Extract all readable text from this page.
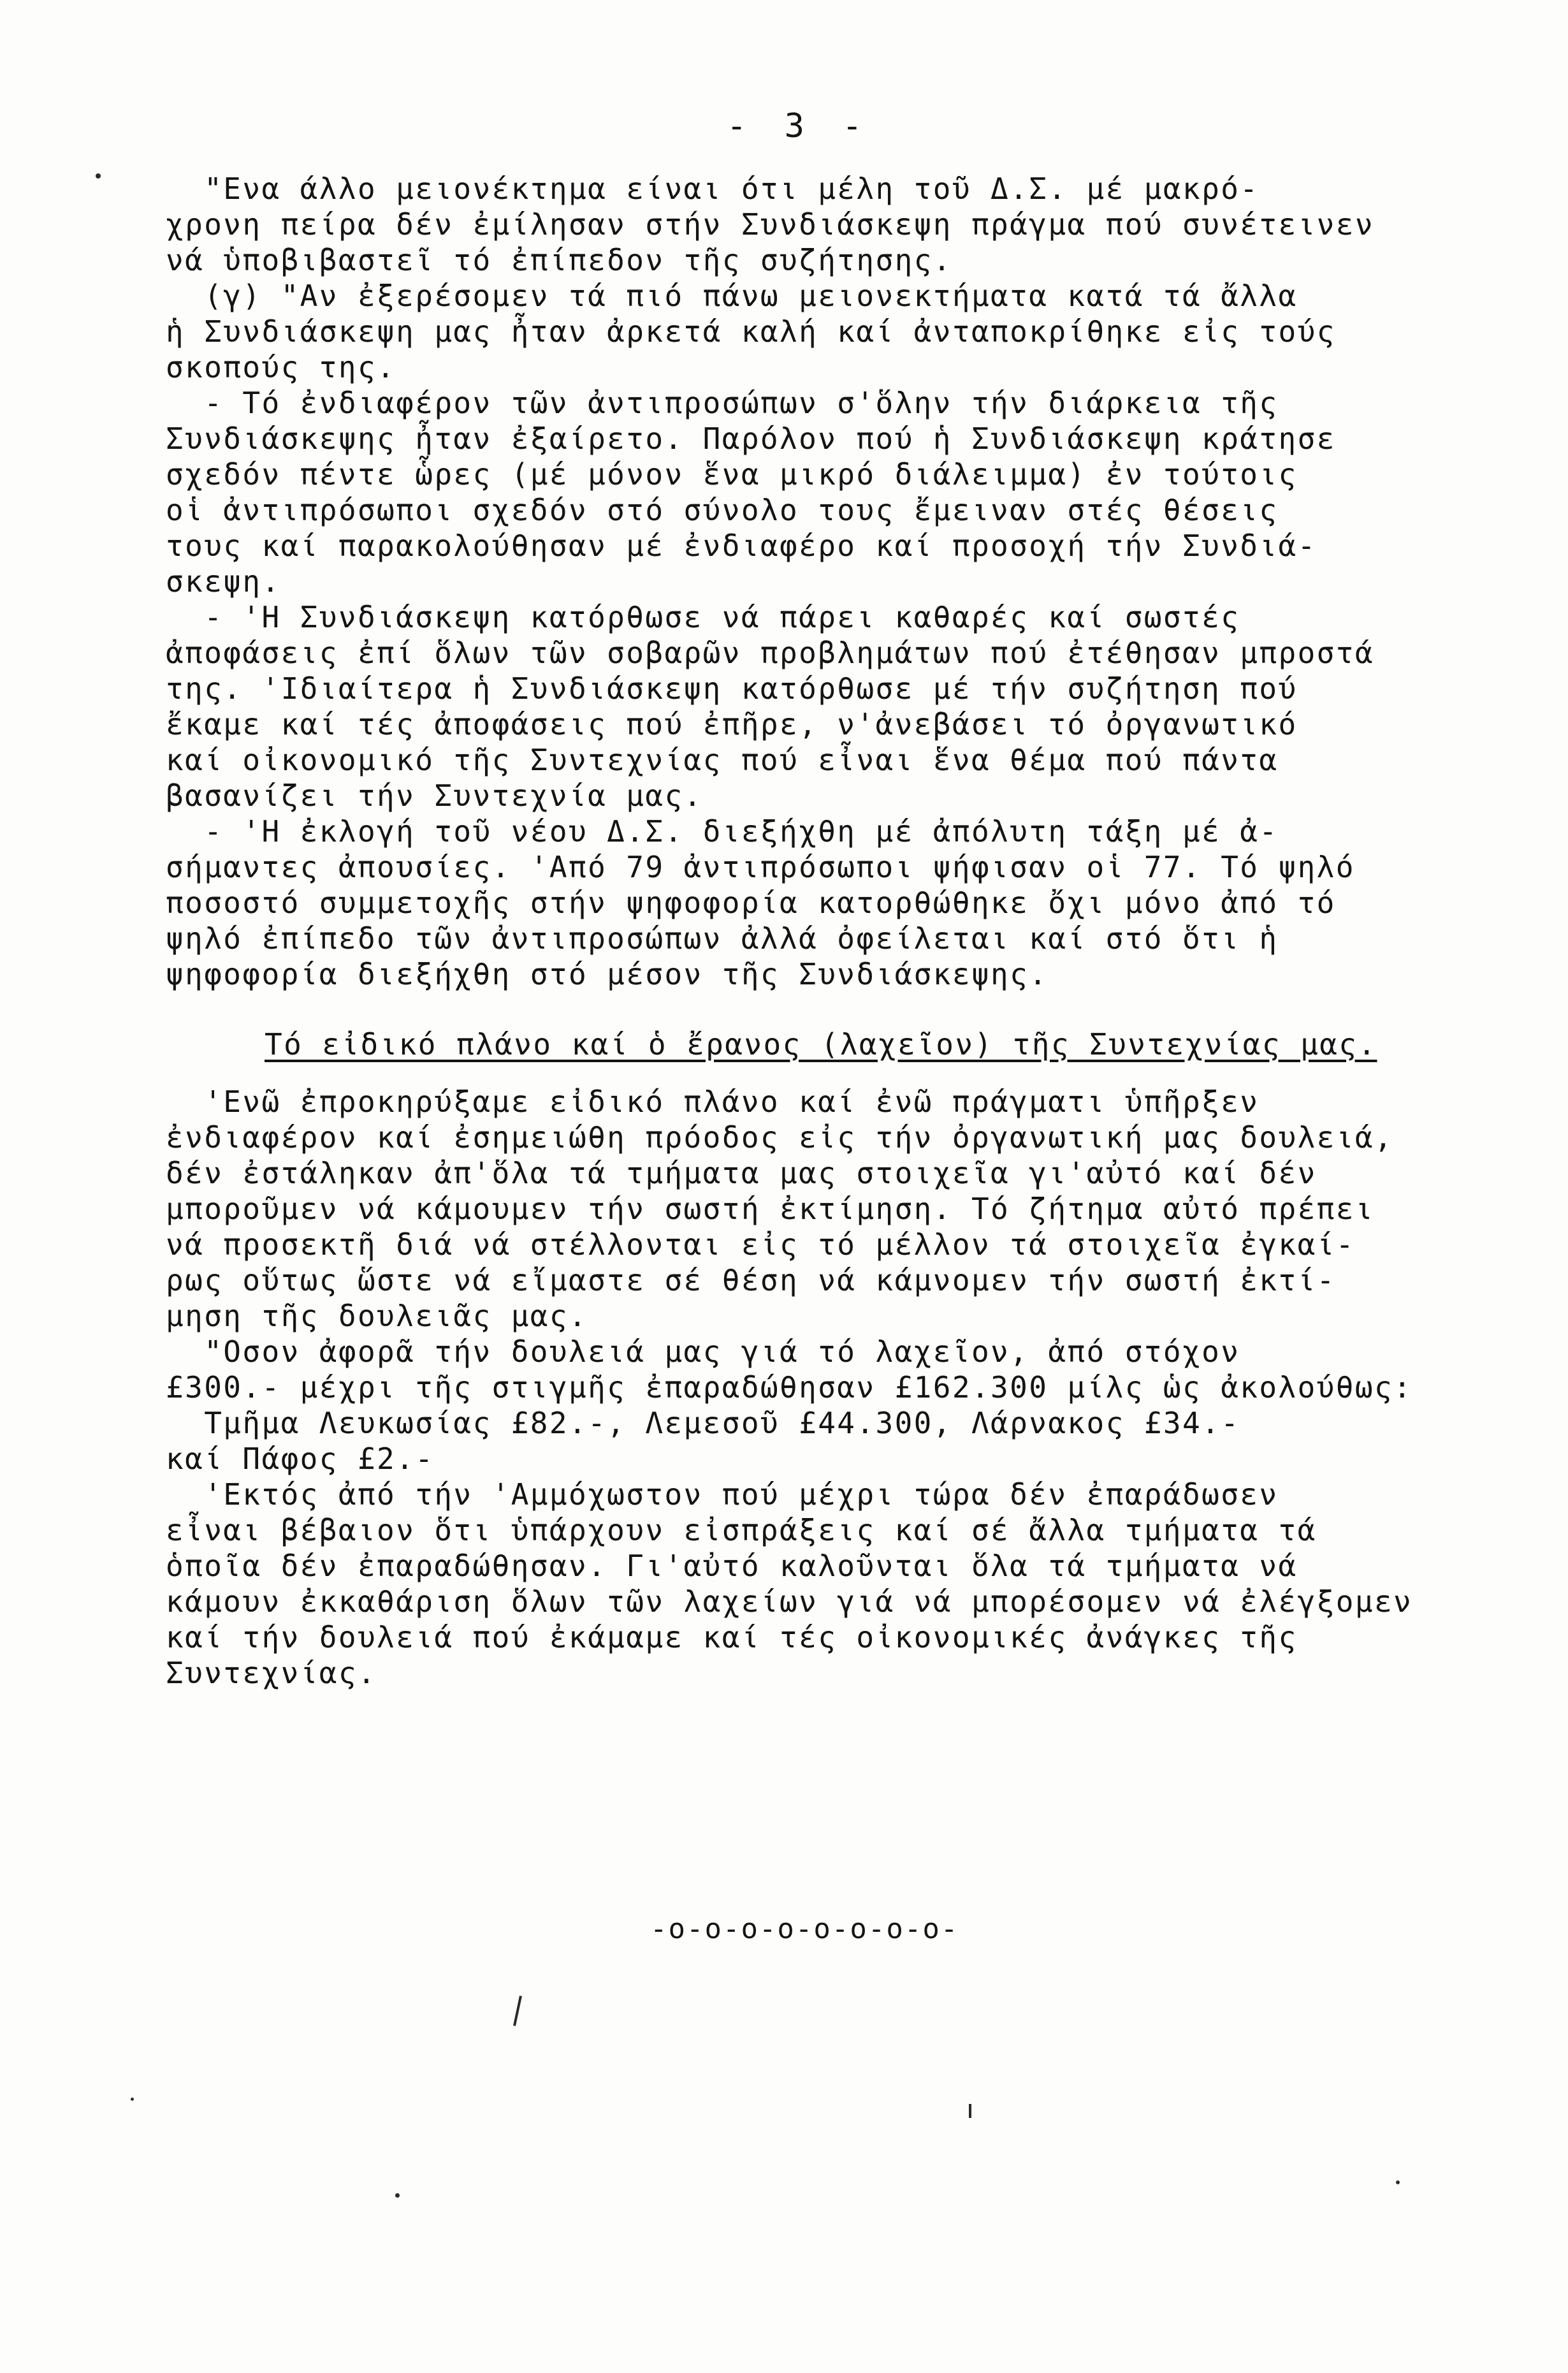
- 3 -
"Ενα άλλο μειονέκτημα είναι ότι μέλη τοῦ Δ.Σ. μέ μακρό-
χρονη πείρα δέν ἐμίλησαν στήν Συνδιάσκεψη πράγμα πού συνέτεινεν
νά ὑποβιβαστεῖ τό ἐπίπεδον τῆς συζήτησης.
(γ) "Αν ἐξερέσομεν τά πιό πάνω μειονεκτήματα κατά τά ἄλλα
ἡ Συνδιάσκεψη μας ἦταν ἀρκετά καλή καί ἀνταποκρίθηκε εἰς τούς
σκοπούς της.
- Τό ἐνδιαφέρον τῶν ἀντιπροσώπων σ'ὅλην τήν διάρκεια τῆς
Συνδιάσκεψης ἦταν ἐξαίρετο. Παρόλον πού ἡ Συνδιάσκεψη κράτησε
σχεδόν πέντε ὧρες (μέ μόνον ἕνα μικρό διάλειμμα) ἐν τούτοις
οἱ ἀντιπρόσωποι σχεδόν στό σύνολο τους ἔμειναν στές θέσεις
τους καί παρακολούθησαν μέ ἐνδιαφέρο καί προσοχή τήν Συνδιά-
σκεψη.
- 'Η Συνδιάσκεψη κατόρθωσε νά πάρει καθαρές καί σωστές
ἀποφάσεις ἐπί ὅλων τῶν σοβαρῶν προβλημάτων πού ἐτέθησαν μπροστά
της. 'Ιδιαίτερα ἡ Συνδιάσκεψη κατόρθωσε μέ τήν συζήτηση πού
ἔκαμε καί τές ἀποφάσεις πού ἐπῆρε, ν'ἀνεβάσει τό ὀργανωτικό
καί οἰκονομικό τῆς Συντεχνίας πού εἶναι ἕνα θέμα πού πάντα
βασανίζει τήν Συντεχνία μας.
- 'Η ἐκλογή τοῦ νέου Δ.Σ. διεξήχθη μέ ἀπόλυτη τάξη μέ ἀ-
σήμαντες ἀπουσίες. 'Από 79 ἀντιπρόσωποι ψήφισαν οἱ 77. Τό ψηλό
ποσοστό συμμετοχῆς στήν ψηφοφορία κατορθώθηκε ὄχι μόνο ἀπό τό
ψηλό ἐπίπεδο τῶν ἀντιπροσώπων ἀλλά ὀφείλεται καί στό ὅτι ἡ
ψηφοφορία διεξήχθη στό μέσον τῆς Συνδιάσκεψης.
Τό εἰδικό πλάνο καί ὁ ἔρανος (λαχεῖον) τῆς Συντεχνίας μας.
'Ενῶ ἐπροκηρύξαμε εἰδικό πλάνο καί ἐνῶ πράγματι ὑπῆρξεν
ἐνδιαφέρον καί ἐσημειώθη πρόοδος εἰς τήν ὀργανωτική μας δουλειά,
δέν ἐστάληκαν ἀπ'ὅλα τά τμήματα μας στοιχεῖα γι'αὐτό καί δέν
μποροῦμεν νά κάμουμεν τήν σωστή ἐκτίμηση. Τό ζήτημα αὐτό πρέπει
νά προσεκτῆ διά νά στέλλονται εἰς τό μέλλον τά στοιχεῖα ἐγκαί-
ρως οὕτως ὥστε νά εἴμαστε σέ θέση νά κάμνομεν τήν σωστή ἐκτί-
μηση τῆς δουλειᾶς μας.
"Οσον ἀφορᾶ τήν δουλειά μας γιά τό λαχεῖον, ἀπό στόχον
£300.- μέχρι τῆς στιγμῆς ἐπαραδώθησαν £162.300 μίλς ὡς ἀκολούθως:
Τμῆμα Λευκωσίας £82.-, Λεμεσοῦ £44.300, Λάρνακος £34.-
καί Πάφος £2.-
'Εκτός ἀπό τήν 'Αμμόχωστον πού μέχρι τώρα δέν ἐπαράδωσεν
εἶναι βέβαιον ὅτι ὑπάρχουν εἰσπράξεις καί σέ ἄλλα τμήματα τά
ὁποῖα δέν ἐπαραδώθησαν. Γι'αὐτό καλοῦνται ὅλα τά τμήματα νά
κάμουν ἐκκαθάριση ὅλων τῶν λαχείων γιά νά μπορέσομεν νά ἐλέγξομεν
καί τήν δουλειά πού ἐκάμαμε καί τές οἰκονομικές ἀνάγκες τῆς
Συντεχνίας.
-o-o-o-o-o-o-o-o-
